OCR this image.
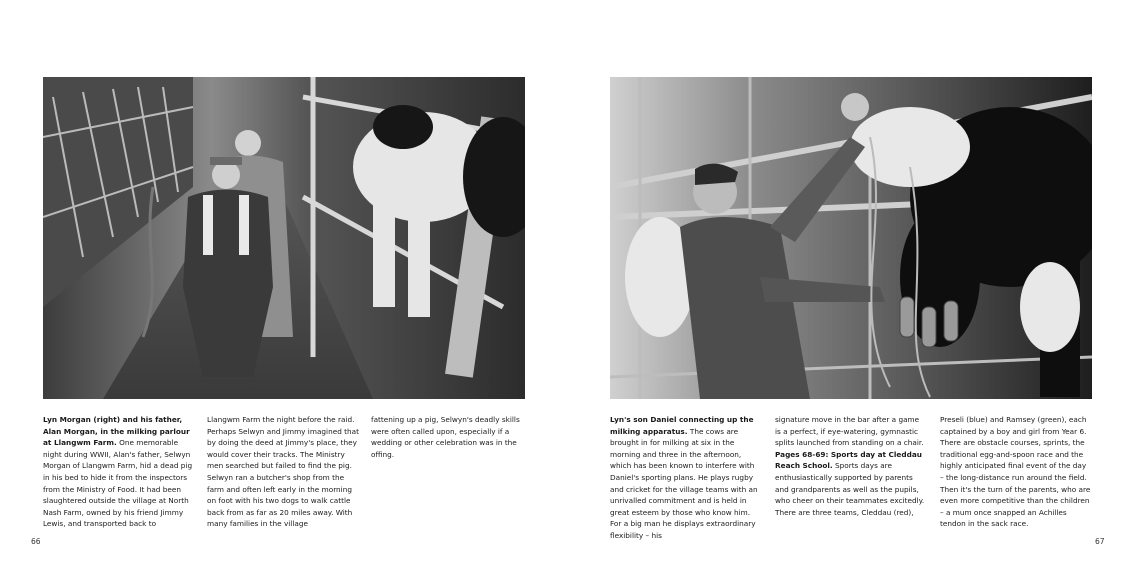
Lyn Morgan (right) and his father, Alan Morgan, in the milking parlour at Llangwm Farm. One memorable night during WWII, Alan's father, Selwyn Morgan of Llangwm Farm, hid a dead pig in his bed to hide it from the inspectors from the Ministry of Food. It had been slaughtered outside the village at North Nash Farm, owned by his friend Jimmy Lewis, and transported back to
Llangwm Farm the night before the raid. Perhaps Selwyn and Jimmy imagined that by doing the deed at Jimmy's place, they would cover their tracks. The Ministry men searched but failed to find the pig. Selwyn ran a butcher's shop from the farm and often left early in the morning on foot with his two dogs to walk cattle back from as far as 20 miles away. With many families in the village
fattening up a pig, Selwyn's deadly skills were often called upon, especially if a wedding or other celebration was in the offing.
Lyn's son Daniel connecting up the milking apparatus. The cows are brought in for milking at six in the morning and three in the afternoon, which has been known to interfere with Daniel's sporting plans. He plays rugby and cricket for the village teams with an unrivalled commitment and is held in great esteem by those who know him. For a big man he displays extraordinary flexibility – his
signature move in the bar after a game is a perfect, if eye-watering, gymnastic splits launched from standing on a chair.
Pages 68-69: Sports day at Cleddau Reach School. Sports days are enthusiastically supported by parents and grandparents as well as the pupils, who cheer on their teammates excitedly. There are three teams, Cleddau (red),
Preseli (blue) and Ramsey (green), each captained by a boy and girl from Year 6. There are obstacle courses, sprints, the traditional egg-and-spoon race and the highly anticipated final event of the day – the long-distance run around the field. Then it's the turn of the parents, who are even more competitive than the children – a mum once snapped an Achilles tendon in the sack race.
66	67
